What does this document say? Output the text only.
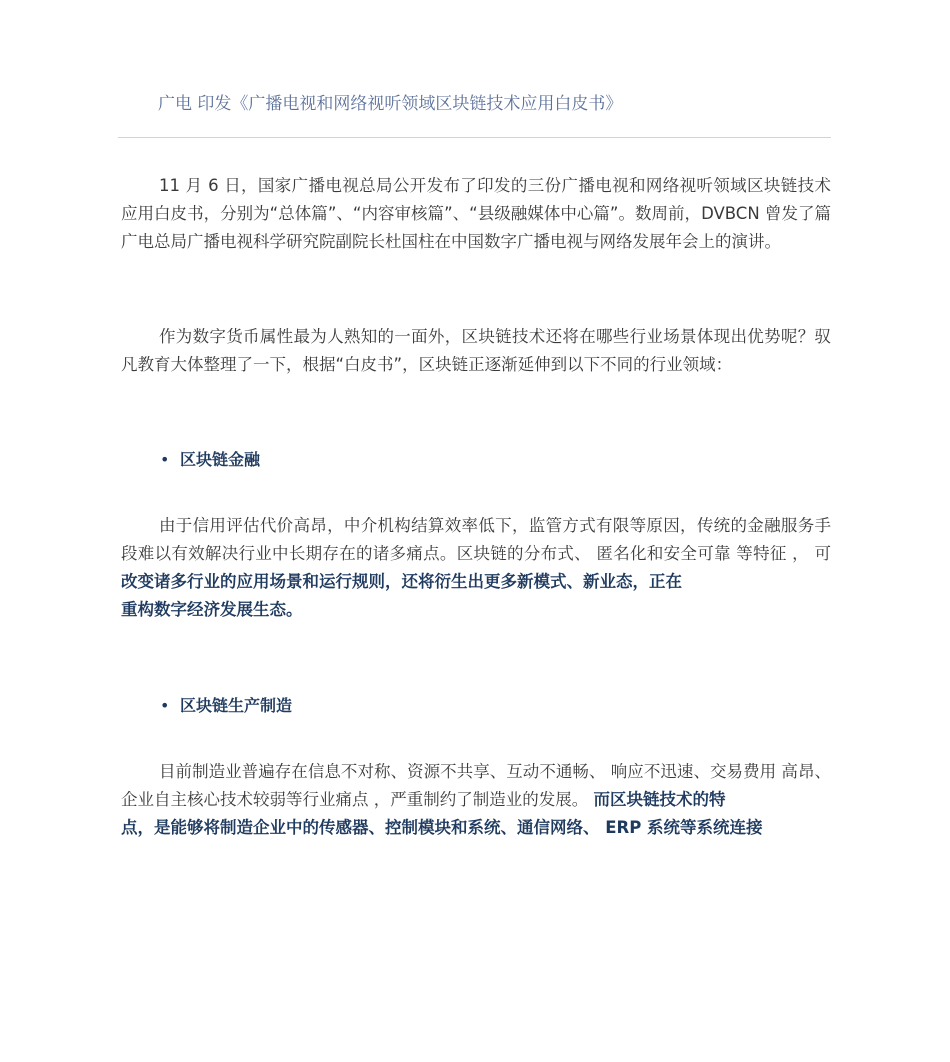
广电 印发《广播电视和网络视听领域区块链技术应用白皮书》

11 月 6 日，国家广播电视总局公开发布了印发的三份广播电视和网络视听领域区块链技术应用白皮书，分别为“总体篇”、“内容审核篇”、“县级融媒体中心篇”。数周前，DVBCN 曾发了篇广电总局广播电视科学研究院副院长杜国柱在中国数字广播电视与网络发展年会上的演讲。

作为数字货币属性最为人熟知的一面外，区块链技术还将在哪些行业场景体现出优势呢？驭凡教育大体整理了一下，根据“白皮书”，区块链正逐渐延伸到以下不同的行业领域：

• 区块链金融

由于信用评估代价高昂，中介机构结算效率低下，监管方式有限等原因，传统的金融服务手段难以有效解决行业中长期存在的诸多痛点。区块链的分布式、 匿名化和安全可靠 等特征 ， 可改变诸多行业的应用场景和运行规则，还将衍生出更多新模式、新业态，正在
重构数字经济发展生态。

• 区块链生产制造

目前制造业普遍存在信息不对称、资源不共享、互动不通畅、 响应不迅速、交易费用 高昂、企业自主核心技术较弱等行业痛点 ，严重制约了制造业的发展。 而区块链技术的特
点，是能够将制造企业中的传感器、控制模块和系统、通信网络、 ERP 系统等系统连接
